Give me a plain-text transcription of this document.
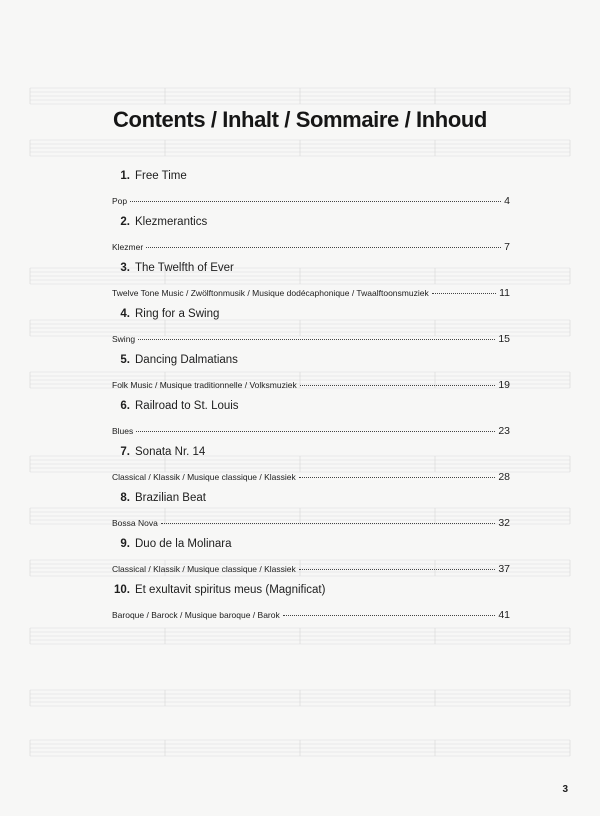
Contents / Inhalt / Sommaire / Inhoud
1. Free Time
Pop	4
2. Klezmerantics
Klezmer	7
3. The Twelfth of Ever
Twelve Tone Music / Zwölftonmusik / Musique dodécaphonique / Twaalftoonsmuziek	11
4. Ring for a Swing
Swing	15
5. Dancing Dalmatians
Folk Music / Musique traditionnelle / Volksmuziek	19
6. Railroad to St. Louis
Blues	23
7. Sonata Nr. 14
Classical / Klassik / Musique classique / Klassiek	28
8. Brazilian Beat
Bossa Nova	32
9. Duo de la Molinara
Classical / Klassik / Musique classique / Klassiek	37
10. Et exultavit spiritus meus (Magnificat)
Baroque / Barock / Musique baroque / Barok	41
3
